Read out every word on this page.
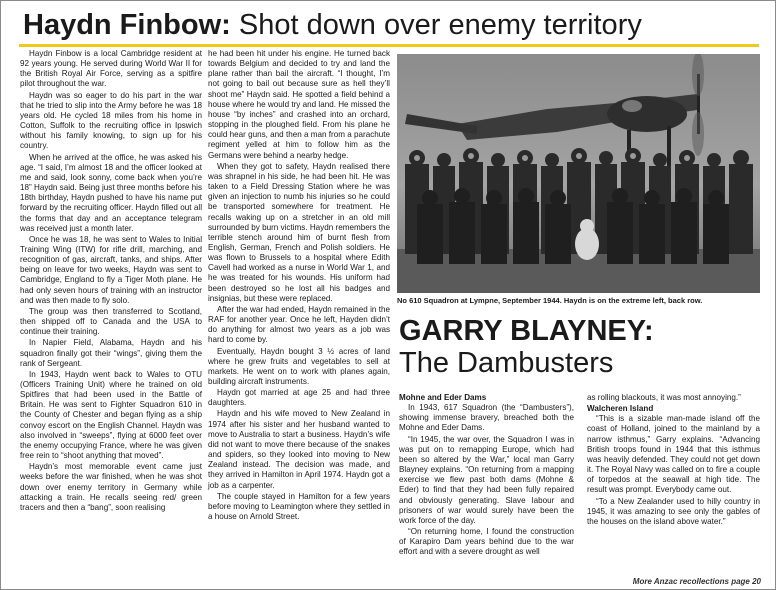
Haydn Finbow: Shot down over enemy territory

Haydn Finbow is a local Cambridge resident at 92 years young. He served during World War II for the British Royal Air Force, serving as a spitfire pilot throughout the war.

Haydn was so eager to do his part in the war that he tried to slip into the Army before he was 18 years old. He cycled 18 miles from his home in Cotton, Suffolk to the recruiting office in Ipswich without his family knowing, to sign up for his country.

When he arrived at the office, he was asked his age. “I said, I’m almost 18 and the officer looked at me and said, look sonny, come back when you’re 18” Haydn said. Being just three months before his 18th birthday, Haydn pushed to have his name put forward by the recruiting officer. Haydn filled out all the forms that day and an acceptance telegram was received just a month later.

Once he was 18, he was sent to Wales to Initial Training Wing (ITW) for rifle drill, marching, and recognition of gas, aircraft, tanks, and ships. After being on leave for two weeks, Haydn was sent to Cambridge, England to fly a Tiger Moth plane. He had only seven hours of training with an instructor and was then made to fly solo.

The group was then transferred to Scotland, then shipped off to Canada and the USA to continue their training.

In Napier Field, Alabama, Haydn and his squadron finally got their “wings”, giving them the rank of Sergeant.

In 1943, Haydn went back to Wales to OTU (Officers Training Unit) where he trained on old Spitfires that had been used in the Battle of Britain. He was sent to Fighter Squadron 610 in the County of Chester and began flying as a ship convoy escort on the English Channel. Haydn was also involved in “sweeps”, flying at 6000 feet over the enemy occupying France, where he was given free rein to “shoot anything that moved”.

Haydn’s most memorable event came just weeks before the war finished, when he was shot down over enemy territory in Germany while attacking a train. He recalls seeing red/ green tracers and then a “bang”, soon realising

he had been hit under his engine. He turned back towards Belgium and decided to try and land the plane rather than bail the aircraft. “I thought, I’m not going to bail out because sure as hell they’ll shoot me” Haydn said. He spotted a field behind a house where he would try and land. He missed the house “by inches” and crashed into an orchard, stopping in the ploughed field. From his plane he could hear guns, and then a man from a parachute regiment yelled at him to follow him as the Germans were behind a nearby hedge.

When they got to safety, Haydn realised there was shrapnel in his side, he had been hit. He was taken to a Field Dressing Station where he was given an injection to numb his injuries so he could be transported somewhere for treatment. He recalls waking up on a stretcher in an old mill surrounded by burn victims. Haydn remembers the terrible stench around him of burnt flesh from English, German, French and Polish soldiers. He was flown to Brussels to a hospital where Edith Cavell had worked as a nurse in World War 1, and he was treated for his wounds. His uniform had been destroyed so he lost all his badges and insignias, but these were replaced.

After the war had ended, Haydn remained in the RAF for another year. Once he left, Hayden didn’t do anything for almost two years as a job was hard to come by.

Eventually, Haydn bought 3 ½ acres of land where he grew fruits and vegetables to sell at markets. He went on to work with planes again, building aircraft instruments.

Haydn got married at age 25 and had three daughters.

Haydn and his wife moved to New Zealand in 1974 after his sister and her husband wanted to move to Australia to start a business. Haydn’s wife did not want to move there because of the snakes and spiders, so they looked into moving to New Zealand instead. The decision was made, and they arrived in Hamilton in April 1974. Haydn got a job as a carpenter.

The couple stayed in Hamilton for a few years before moving to Leamington where they settled in a house on Arnold Street.

No 610 Squadron at Lympne, September 1944. Haydn is on the extreme left, back row.
GARRY BLAYNEY:
The Dambusters

Mohne and Eder Dams

In 1943, 617 Squadron (the “Dambusters”), showing immense bravery, breached both the Mohne and Eder Dams.

“In 1945, the war over, the Squadron I was in was put on to remapping Europe, which had been so altered by the War,” local man Garry Blayney explains. “On returning from a mapping exercise we flew past both dams (Mohne & Eder) to find that they had been fully repaired and obviously generating. Slave labour and prisoners of war would surely have been the work force of the day.

“On returning home, I found the construction of Karapiro Dam years behind due to the war effort and with a severe drought as well

as rolling blackouts, it was most annoying.”

Walcheren Island

“This is a sizable man-made island off the coast of Holland, joined to the mainland by a narrow isthmus,” Garry explains. “Advancing British troops found in 1944 that this isthmus was heavily defended. They could not get down it. The Royal Navy was called on to fire a couple of torpedos at the seawall at high tide. The result was prompt. Everybody came out.

“To a New Zealander used to hilly country in 1945, it was amazing to see only the gables of the houses on the island above water.”

More Anzac recollections page 20
